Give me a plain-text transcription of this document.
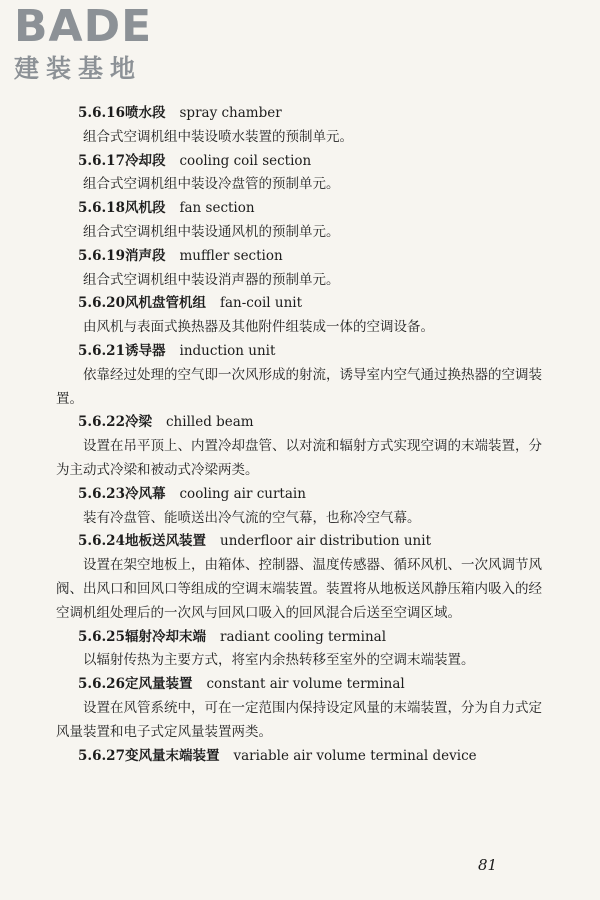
BADE
建装基地
5.6.16喷水段 spray chamber
组合式空调机组中装设喷水装置的预制单元。
5.6.17冷却段 cooling coil section
组合式空调机组中装设冷盘管的预制单元。
5.6.18风机段 fan section
组合式空调机组中装设通风机的预制单元。
5.6.19消声段 muffler section
组合式空调机组中装设消声器的预制单元。
5.6.20风机盘管机组 fan-coil unit
由风机与表面式换热器及其他附件组装成一体的空调设备。
5.6.21诱导器 induction unit
依靠经过处理的空气即一次风形成的射流，诱导室内空气通过换热器的空调装置。
5.6.22冷梁 chilled beam
设置在吊平顶上、内置冷却盘管、以对流和辐射方式实现空调的末端装置，分为主动式冷梁和被动式冷梁两类。
5.6.23冷风幕 cooling air curtain
装有冷盘管、能喷送出冷气流的空气幕，也称冷空气幕。
5.6.24地板送风装置 underfloor air distribution unit
设置在架空地板上，由箱体、控制器、温度传感器、循环风机、一次风调节风阀、出风口和回风口等组成的空调末端装置。装置将从地板送风静压箱内吸入的经空调机组处理后的一次风与回风口吸入的回风混合后送至空调区域。
5.6.25辐射冷却末端 radiant cooling terminal
以辐射传热为主要方式，将室内余热转移至室外的空调末端装置。
5.6.26定风量装置 constant air volume terminal
设置在风管系统中，可在一定范围内保持设定风量的末端装置，分为自力式定风量装置和电子式定风量装置两类。
5.6.27变风量末端装置 variable air volume terminal device
81
